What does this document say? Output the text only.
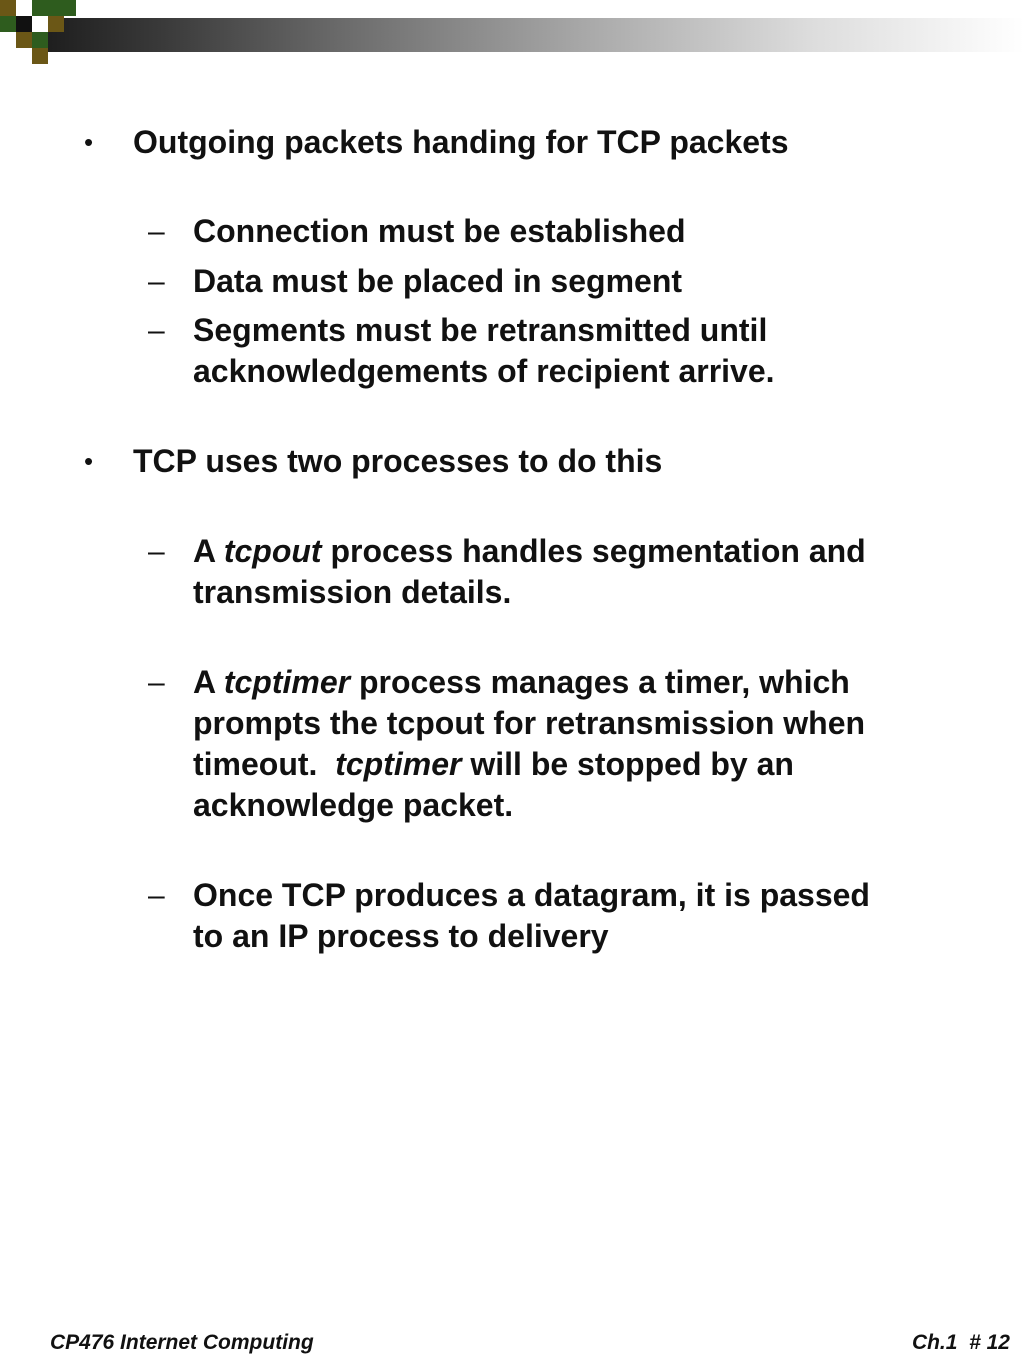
•	Outgoing packets handing for TCP packets
– Connection must be established
– Data must be placed in segment
– Segments must be retransmitted until
acknowledgements of recipient arrive.
•	TCP uses two processes to do this
– A tcpout process handles segmentation and
transmission details.
– A tcptimer process manages a timer, which
prompts the tcpout for retransmission when
timeout.  tcptimer will be stopped by an
acknowledge packet.
– Once TCP produces a datagram, it is passed
to an IP process to delivery
CP476 Internet Computing	Ch.1  # 12
